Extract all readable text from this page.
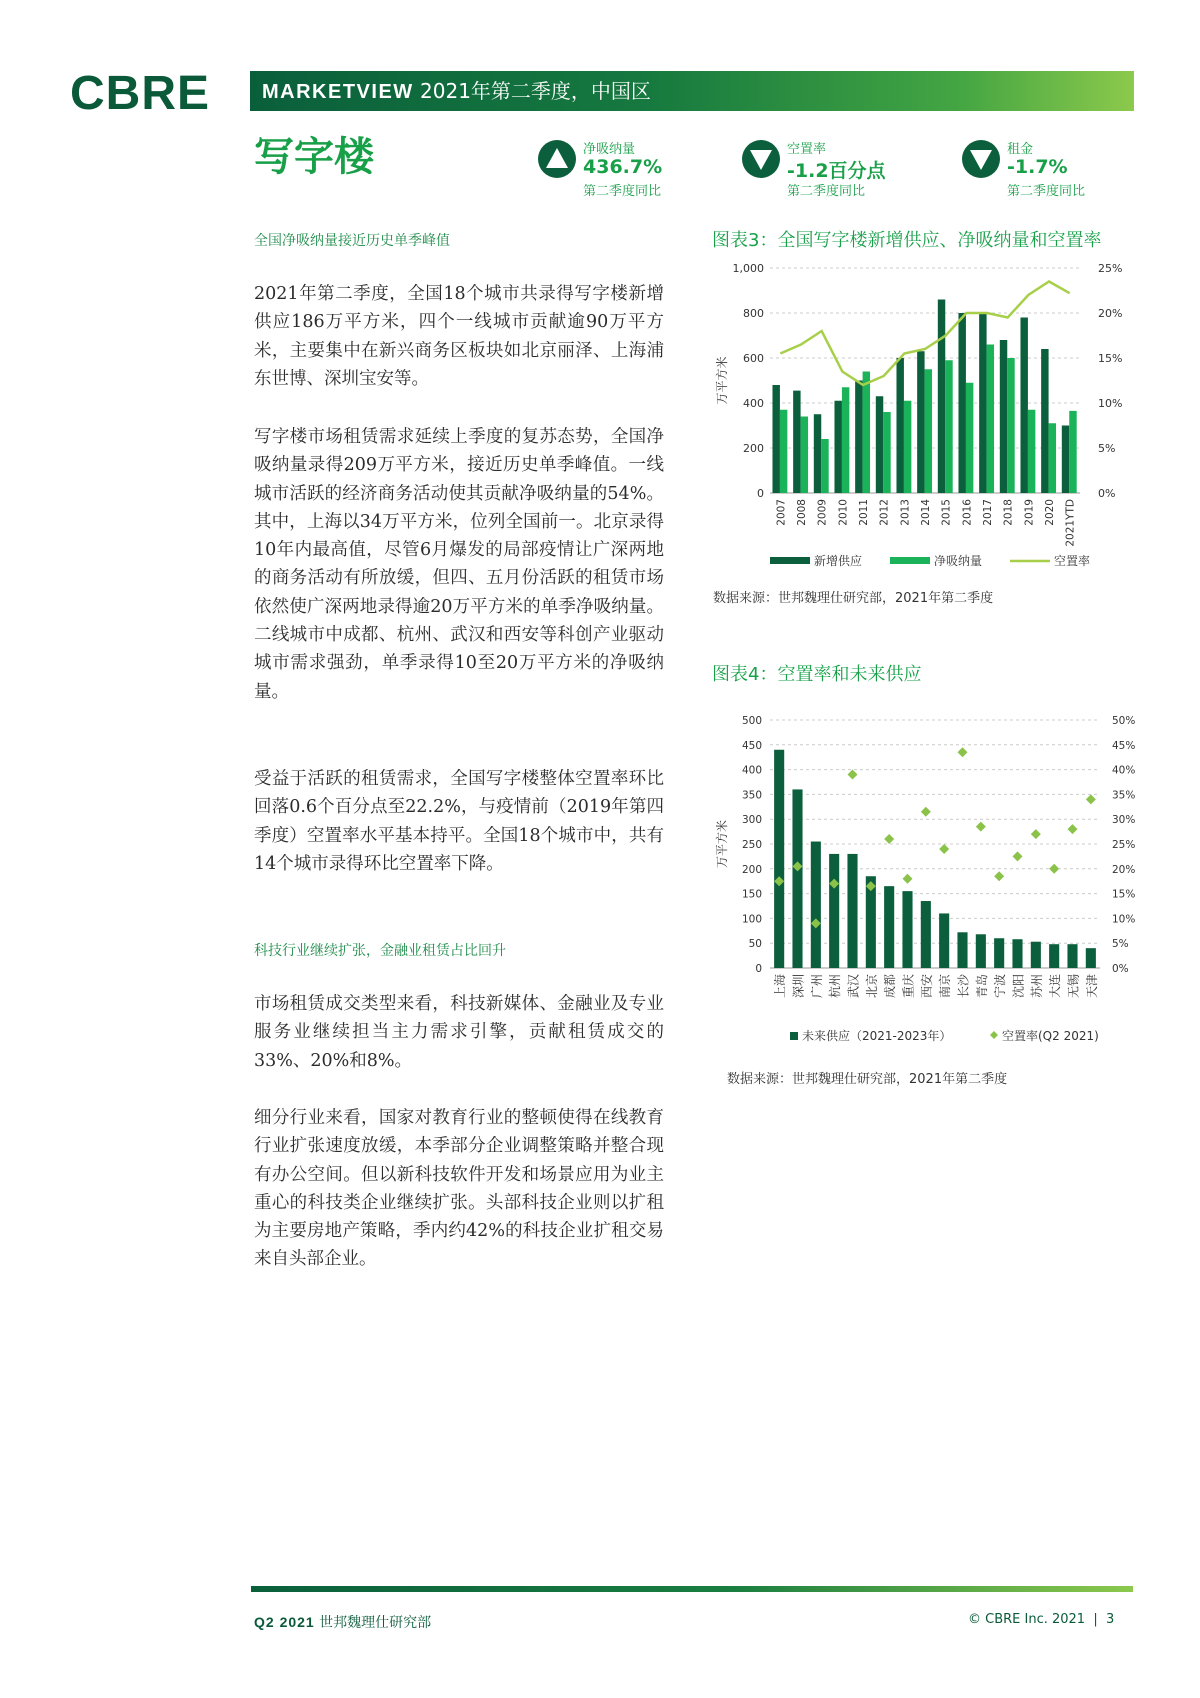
CBRE	MARKETVIEW 2021年第二季度，中国区
写字楼	净吸纳量
436.7%
第二季度同比
空置率
-1.2百分点
第二季度同比
租金
-1.7%
第二季度同比
全国净吸纳量接近历史单季峰值
2021年第二季度，全国18个城市共录得写字楼新增供应186万平方米，四个一线城市贡献逾90万平方米，主要集中在新兴商务区板块如北京丽泽、上海浦东世博、深圳宝安等。
写字楼市场租赁需求延续上季度的复苏态势，全国净吸纳量录得209万平方米，接近历史单季峰值。一线城市活跃的经济商务活动使其贡献净吸纳量的54%。其中，上海以34万平方米，位列全国前一。北京录得10年内最高值，尽管6月爆发的局部疫情让广深两地的商务活动有所放缓，但四、五月份活跃的租赁市场依然使广深两地录得逾20万平方米的单季净吸纳量。二线城市中成都、杭州、武汉和西安等科创产业驱动城市需求强劲，单季录得10至20万平方米的净吸纳量。
受益于活跃的租赁需求，全国写字楼整体空置率环比回落0.6个百分点至22.2%，与疫情前（2019年第四季度）空置率水平基本持平。全国18个城市中，共有14个城市录得环比空置率下降。
科技行业继续扩张，金融业租赁占比回升
市场租赁成交类型来看，科技新媒体、金融业及专业服务业继续担当主力需求引擎，贡献租赁成交的33%、20%和8%。
细分行业来看，国家对教育行业的整顿使得在线教育行业扩张速度放缓，本季部分企业调整策略并整合现有办公空间。但以新科技软件开发和场景应用为业主重心的科技类企业继续扩张。头部科技企业则以扩租为主要房地产策略，季内约42%的科技企业扩租交易来自头部企业。
图表3：全国写字楼新增供应、净吸纳量和空置率
0
200
400
600
800
1,000
0%
5%
10%
15%
20%
25%
万平方米
2007 2008 2009 2010 2011 2012 2013 2014 2015 2016 2017 2018 2019 2020 2021YTD
新增供应	净吸纳量	空置率
数据来源：世邦魏理仕研究部，2021年第二季度
图表4：空置率和未来供应
0
50
100
150
200
250
300
350
400
450
500
0%
5%
10%
15%
20%
25%
30%
35%
40%
45%
50%
万平方米
上海 深圳 广州 杭州 武汉 北京 成都 重庆 西安 南京 长沙 青岛 宁波 沈阳 苏州 大连 无锡 天津
未来供应（2021-2023年）	空置率(Q2 2021)
数据来源：世邦魏理仕研究部，2021年第二季度
Q2 2021 世邦魏理仕研究部	© CBRE Inc. 2021 | 3
